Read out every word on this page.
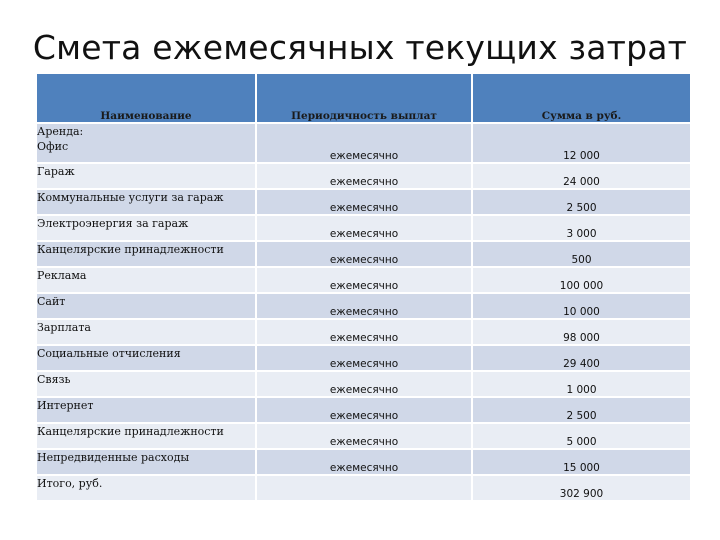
Смета ежемесячных текущих затрат
Наименование	Периодичность выплат	Сумма в руб.

Аренда:
Офис	ежемесячно	12 000
Гараж	ежемесячно	24 000
Коммунальные услуги за гараж	ежемесячно	2 500
Электроэнергия за гараж	ежемесячно	3 000
Канцелярские принадлежности	ежемесячно	500
Реклама	ежемесячно	100 000
Сайт	ежемесячно	10 000
Зарплата	ежемесячно	98 000
Социальные отчисления	ежемесячно	29 400
Связь	ежемесячно	1 000
Интернет	ежемесячно	2 500
Канцелярские принадлежности	ежемесячно	5 000
Непредвиденные расходы	ежемесячно	15 000
Итого, руб.		302 900
